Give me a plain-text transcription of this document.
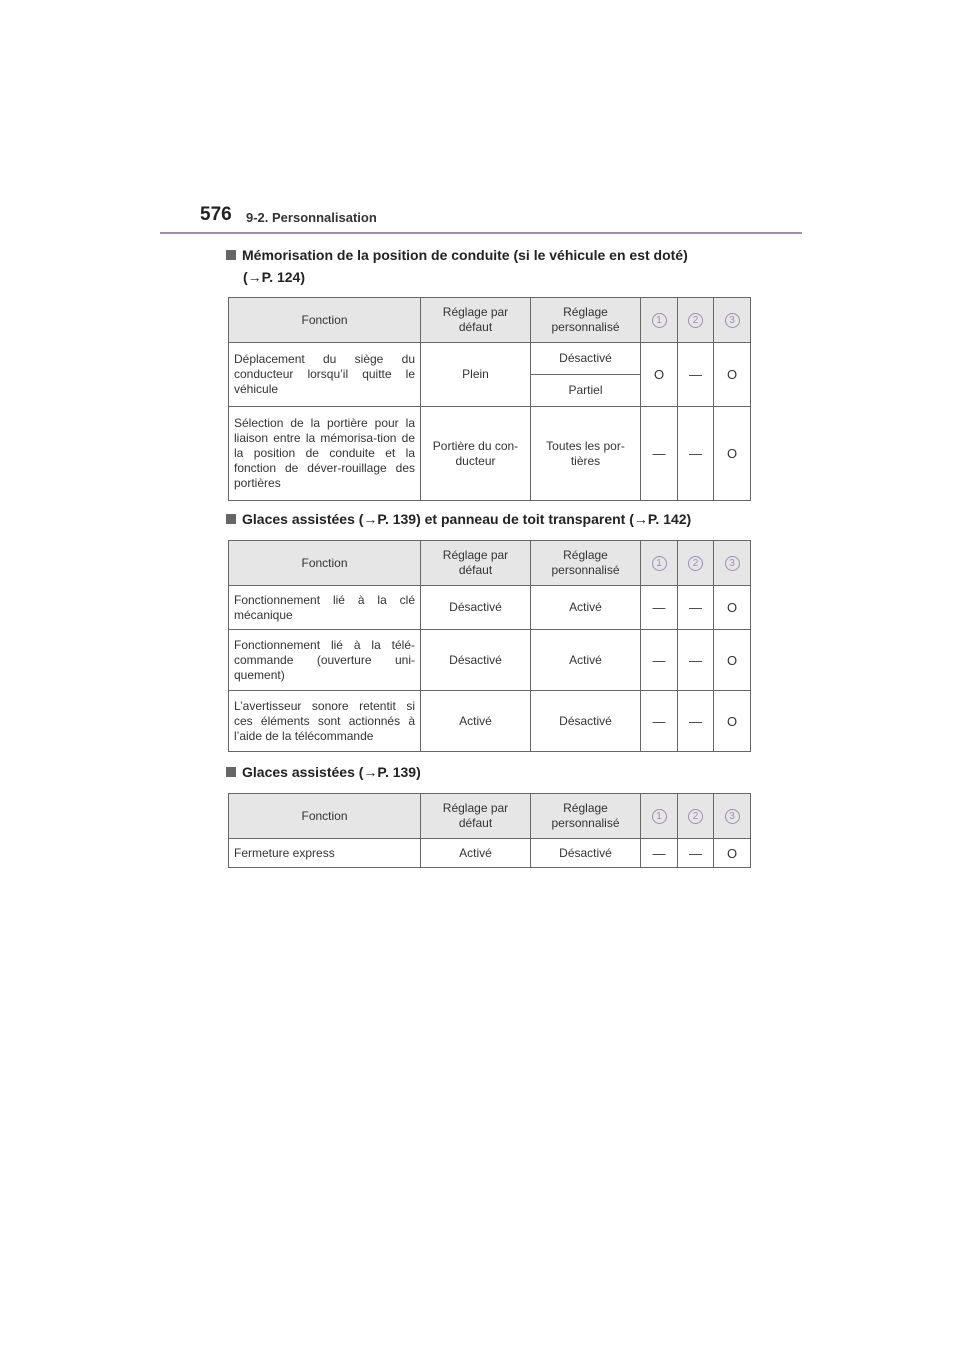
576 9-2. Personnalisation
Mémorisation de la position de conduite (si le véhicule en est doté)
(→P. 124)
Fonction	Réglage par défaut	Réglage personnalisé	1	2	3
Déplacement du siège du conducteur lorsqu’il quitte le véhicule	Plein	Désactivé	O	—	O
		Partiel			
Sélection de la portière pour la liaison entre la mémorisa-tion de la position de conduite et la fonction de déver-rouillage des portières	Portière du con-ducteur	Toutes les por-tières	—	—	O
Glaces assistées (→P. 139) et panneau de toit transparent (→P. 142)
Fonction	Réglage par défaut	Réglage personnalisé	1	2	3
Fonctionnement lié à la clé mécanique	Désactivé	Activé	—	—	O
Fonctionnement lié à la télé-commande (ouverture uni-quement)	Désactivé	Activé	—	—	O
L’avertisseur sonore retentit si ces éléments sont actionnés à l’aide de la télécommande	Activé	Désactivé	—	—	O
Glaces assistées (→P. 139)
Fonction	Réglage par défaut	Réglage personnalisé	1	2	3
Fermeture express	Activé	Désactivé	—	—	O
